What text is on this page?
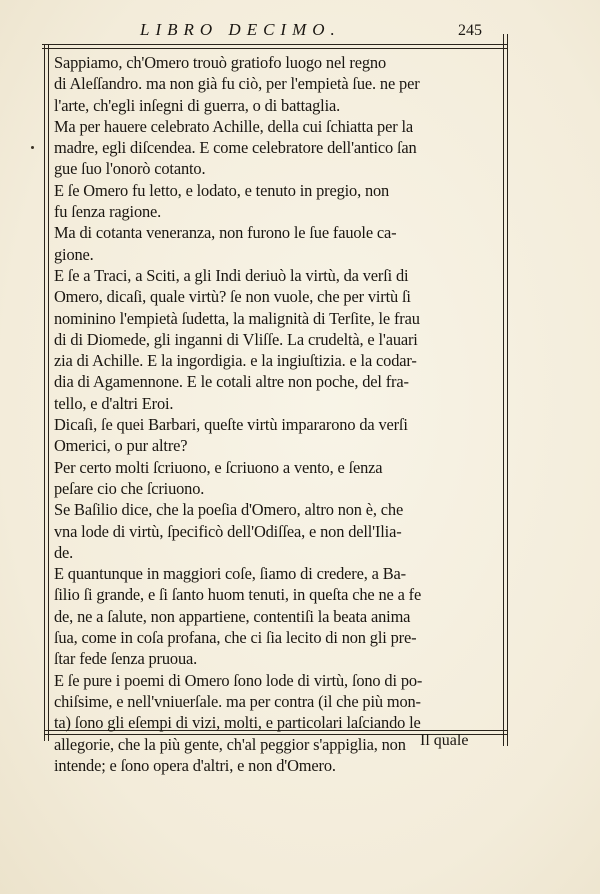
LIBRO DECIMO.	245
Sappiamo, ch'Omero trouò gratiofo luogo nel regno
di Aleſſandro. ma non già fu ciò, per l'empietà ſue. ne per
l'arte, ch'egli inſegni di guerra, o di battaglia.
Ma per hauere celebrato Achille, della cui ſchiatta per la
madre, egli diſcendea. E come celebratore dell'antico ſan
gue ſuo l'onorò cotanto.
E ſe Omero fu letto, e lodato, e tenuto in pregio, non
fu ſenza ragione.
Ma di cotanta veneranza, non furono le ſue fauole ca-
gione.
E ſe a Traci, a Sciti, a gli Indi deriuò la virtù, da verſi di
Omero, dicaſi, quale virtù? ſe non vuole, che per virtù ſi
nominino l'empietà ſudetta, la malignità di Terſite, le frau
di di Diomede, gli inganni di Vliſſe. La crudeltà, e l'auari
zia di Achille. E la ingordigia. e la ingiuſtizia. e la codar-
dia di Agamennone. E le cotali altre non poche, del fra-
tello, e d'altri Eroi.
Dicaſi, ſe quei Barbari, queſte virtù impararono da verſi
Omerici, o pur altre?
Per certo molti ſcriuono, e ſcriuono a vento, e ſenza
peſare cio che ſcriuono.
Se Baſilio dice, che la poeſia d'Omero, altro non è, che
vna lode di virtù, ſpecificò dell'Odiſſea, e non dell'Ilia-
de.
E quantunque in maggiori coſe, ſiamo di credere, a Ba-
ſilio ſi grande, e ſi ſanto huom tenuti, in queſta che ne a fe
de, ne a ſalute, non appartiene, contentiſi la beata anima
ſua, come in coſa profana, che ci ſia lecito di non gli pre-
ſtar fede ſenza pruoua.
E ſe pure i poemi di Omero ſono lode di virtù, ſono di po-
chiſsime, e nell'vniuerſale. ma per contra (il che più mon-
ta) ſono gli eſempi di vizi, molti, e particolari laſciando le
allegorie, che la più gente, ch'al peggior s'appiglia, non
intende; e ſono opera d'altri, e non d'Omero.
Il quale
